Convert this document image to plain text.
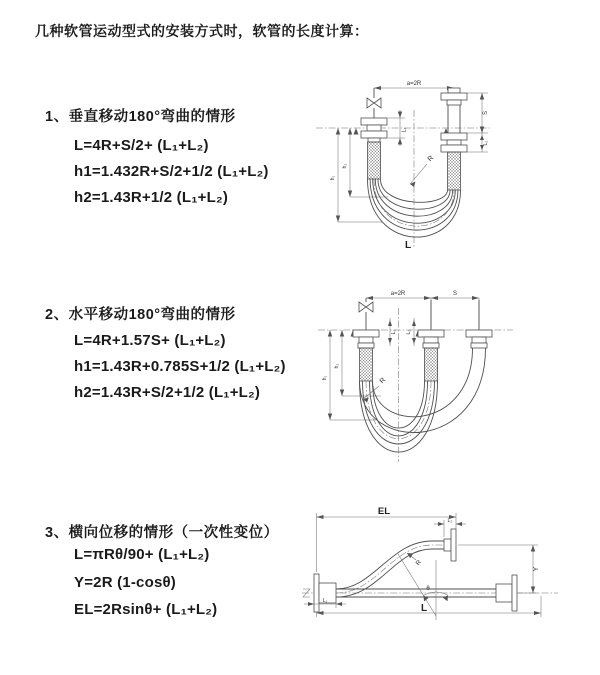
几种软管运动型式的安装方式时，软管的长度计算：
1、垂直移动180°弯曲的情形
L=4R+S/2+ (L₁+L₂)
h1=1.432R+S/2+1/2 (L₁+L₂)
h2=1.43R+1/2 (L₁+L₂)
2、水平移动180°弯曲的情形
L=4R+1.57S+ (L₁+L₂)
h1=1.43R+0.785S+1/2 (L₁+L₂)
h2=1.43R+S/2+1/2 (L₁+L₂)
3、横向位移的情形（一次性变位）
L=πRθ/90+ (L₁+L₂)
Y=2R (1-cosθ)
EL=2Rsinθ+ (L₁+L₂)
a=2R
L₁
S
L₂
h₁
h₂
R
L
a=2R	S
L₁ L₂
h₁
h₂
R
EL
L₂
Y
θ
R
L₁
L
